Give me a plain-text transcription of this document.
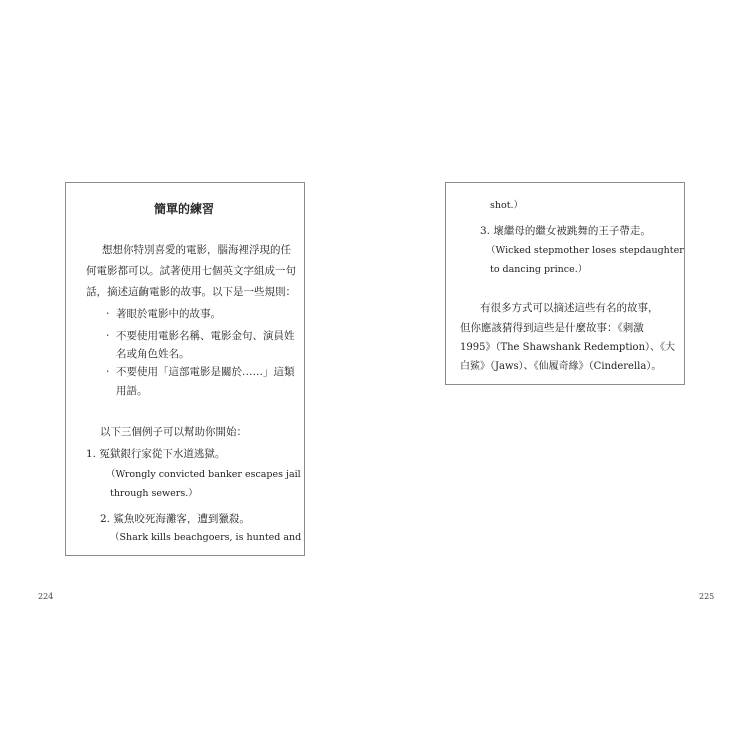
簡單的練習
想想你特別喜愛的電影，腦海裡浮現的任
何電影都可以。試著使用七個英文字組成一句
話，摘述這齣電影的故事。以下是一些規則：
‧ 著眼於電影中的故事。
‧ 不要使用電影名稱、電影金句、演員姓
名或角色姓名。
‧ 不要使用「這部電影是關於……」這類
用語。
以下三個例子可以幫助你開始：
1. 冤獄銀行家從下水道逃獄。
（Wrongly convicted banker escapes jail
through sewers.）
2. 鯊魚咬死海灘客，遭到獵殺。
（Shark kills beachgoers, is hunted and
224
shot.）
3. 壞繼母的繼女被跳舞的王子帶走。
（Wicked stepmother loses stepdaughter
to dancing prince.）
有很多方式可以摘述這些有名的故事，
但你應該猜得到這些是什麼故事：《刺激
1995》（The Shawshank Redemption）、《大
白鯊》（Jaws）、《仙履奇緣》（Cinderella）。
225
